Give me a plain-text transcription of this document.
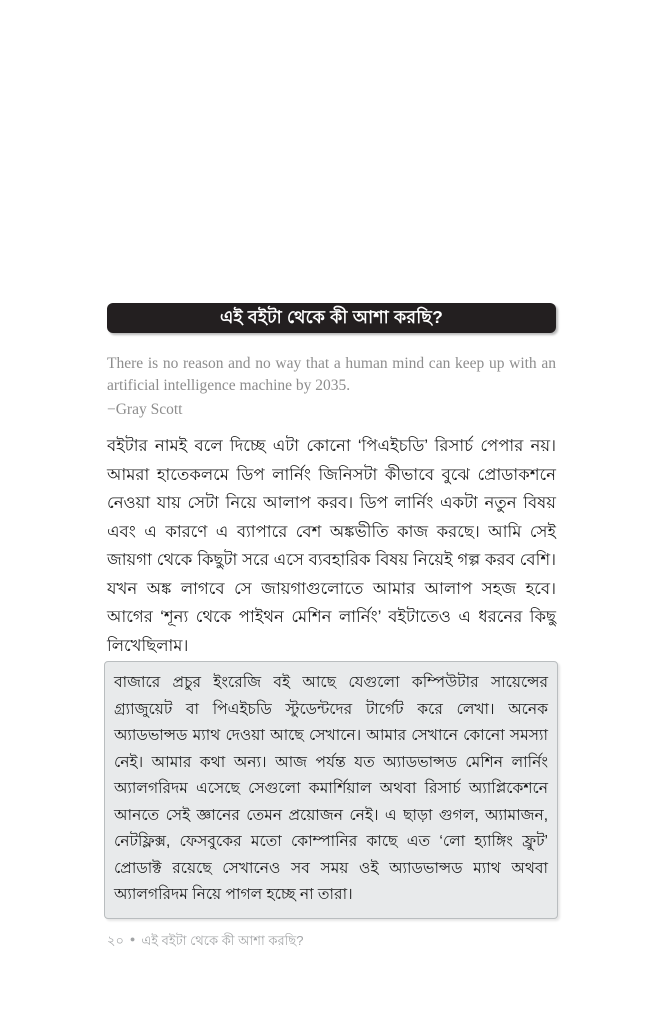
এই বইটা থেকে কী আশা করছি?

There is no reason and no way that a human mind can keep up with an artificial intelligence machine by 2035.

−Gray Scott

বইটার নামই বলে দিচ্ছে এটা কোনো ‘পিএইচডি’ রিসার্চ পেপার নয়। আমরা হাতেকলমে ডিপ লার্নিং জিনিসটা কীভাবে বুঝে প্রোডাকশনে নেওয়া যায় সেটা নিয়ে আলাপ করব। ডিপ লার্নিং একটা নতুন বিষয় এবং এ কারণে এ ব্যাপারে বেশ অঙ্কভীতি কাজ করছে। আমি সেই জায়গা থেকে কিছুটা সরে এসে ব্যবহারিক বিষয় নিয়েই গল্প করব বেশি। যখন অঙ্ক লাগবে সে জায়গাগুলোতে আমার আলাপ সহজ হবে। আগের ‘শূন্য থেকে পাইথন মেশিন লার্নিং’ বইটাতেও এ ধরনের কিছু লিখেছিলাম।

বাজারে প্রচুর ইংরেজি বই আছে যেগুলো কম্পিউটার সায়েন্সের গ্র্যাজুয়েট বা পিএইচডি স্টুডেন্টদের টার্গেট করে লেখা। অনেক অ্যাডভান্সড ম্যাথ দেওয়া আছে সেখানে। আমার সেখানে কোনো সমস্যা নেই। আমার কথা অন্য। আজ পর্যন্ত যত অ্যাডভান্সড মেশিন লার্নিং অ্যালগরিদম এসেছে সেগুলো কমার্শিয়াল অথবা রিসার্চ অ্যাপ্লিকেশনে আনতে সেই জ্ঞানের তেমন প্রয়োজন নেই। এ ছাড়া গুগল, অ্যামাজন, নেটফ্লিক্স, ফেসবুকের মতো কোম্পানির কাছে এত ‘লো হ্যাঙ্গিং ফ্রুট’ প্রোডাক্ট রয়েছে সেখানেও সব সময় ওই অ্যাডভান্সড ম্যাথ অথবা অ্যালগরিদম নিয়ে পাগল হচ্ছে না তারা।

২০ ● এই বইটা থেকে কী আশা করছি?
